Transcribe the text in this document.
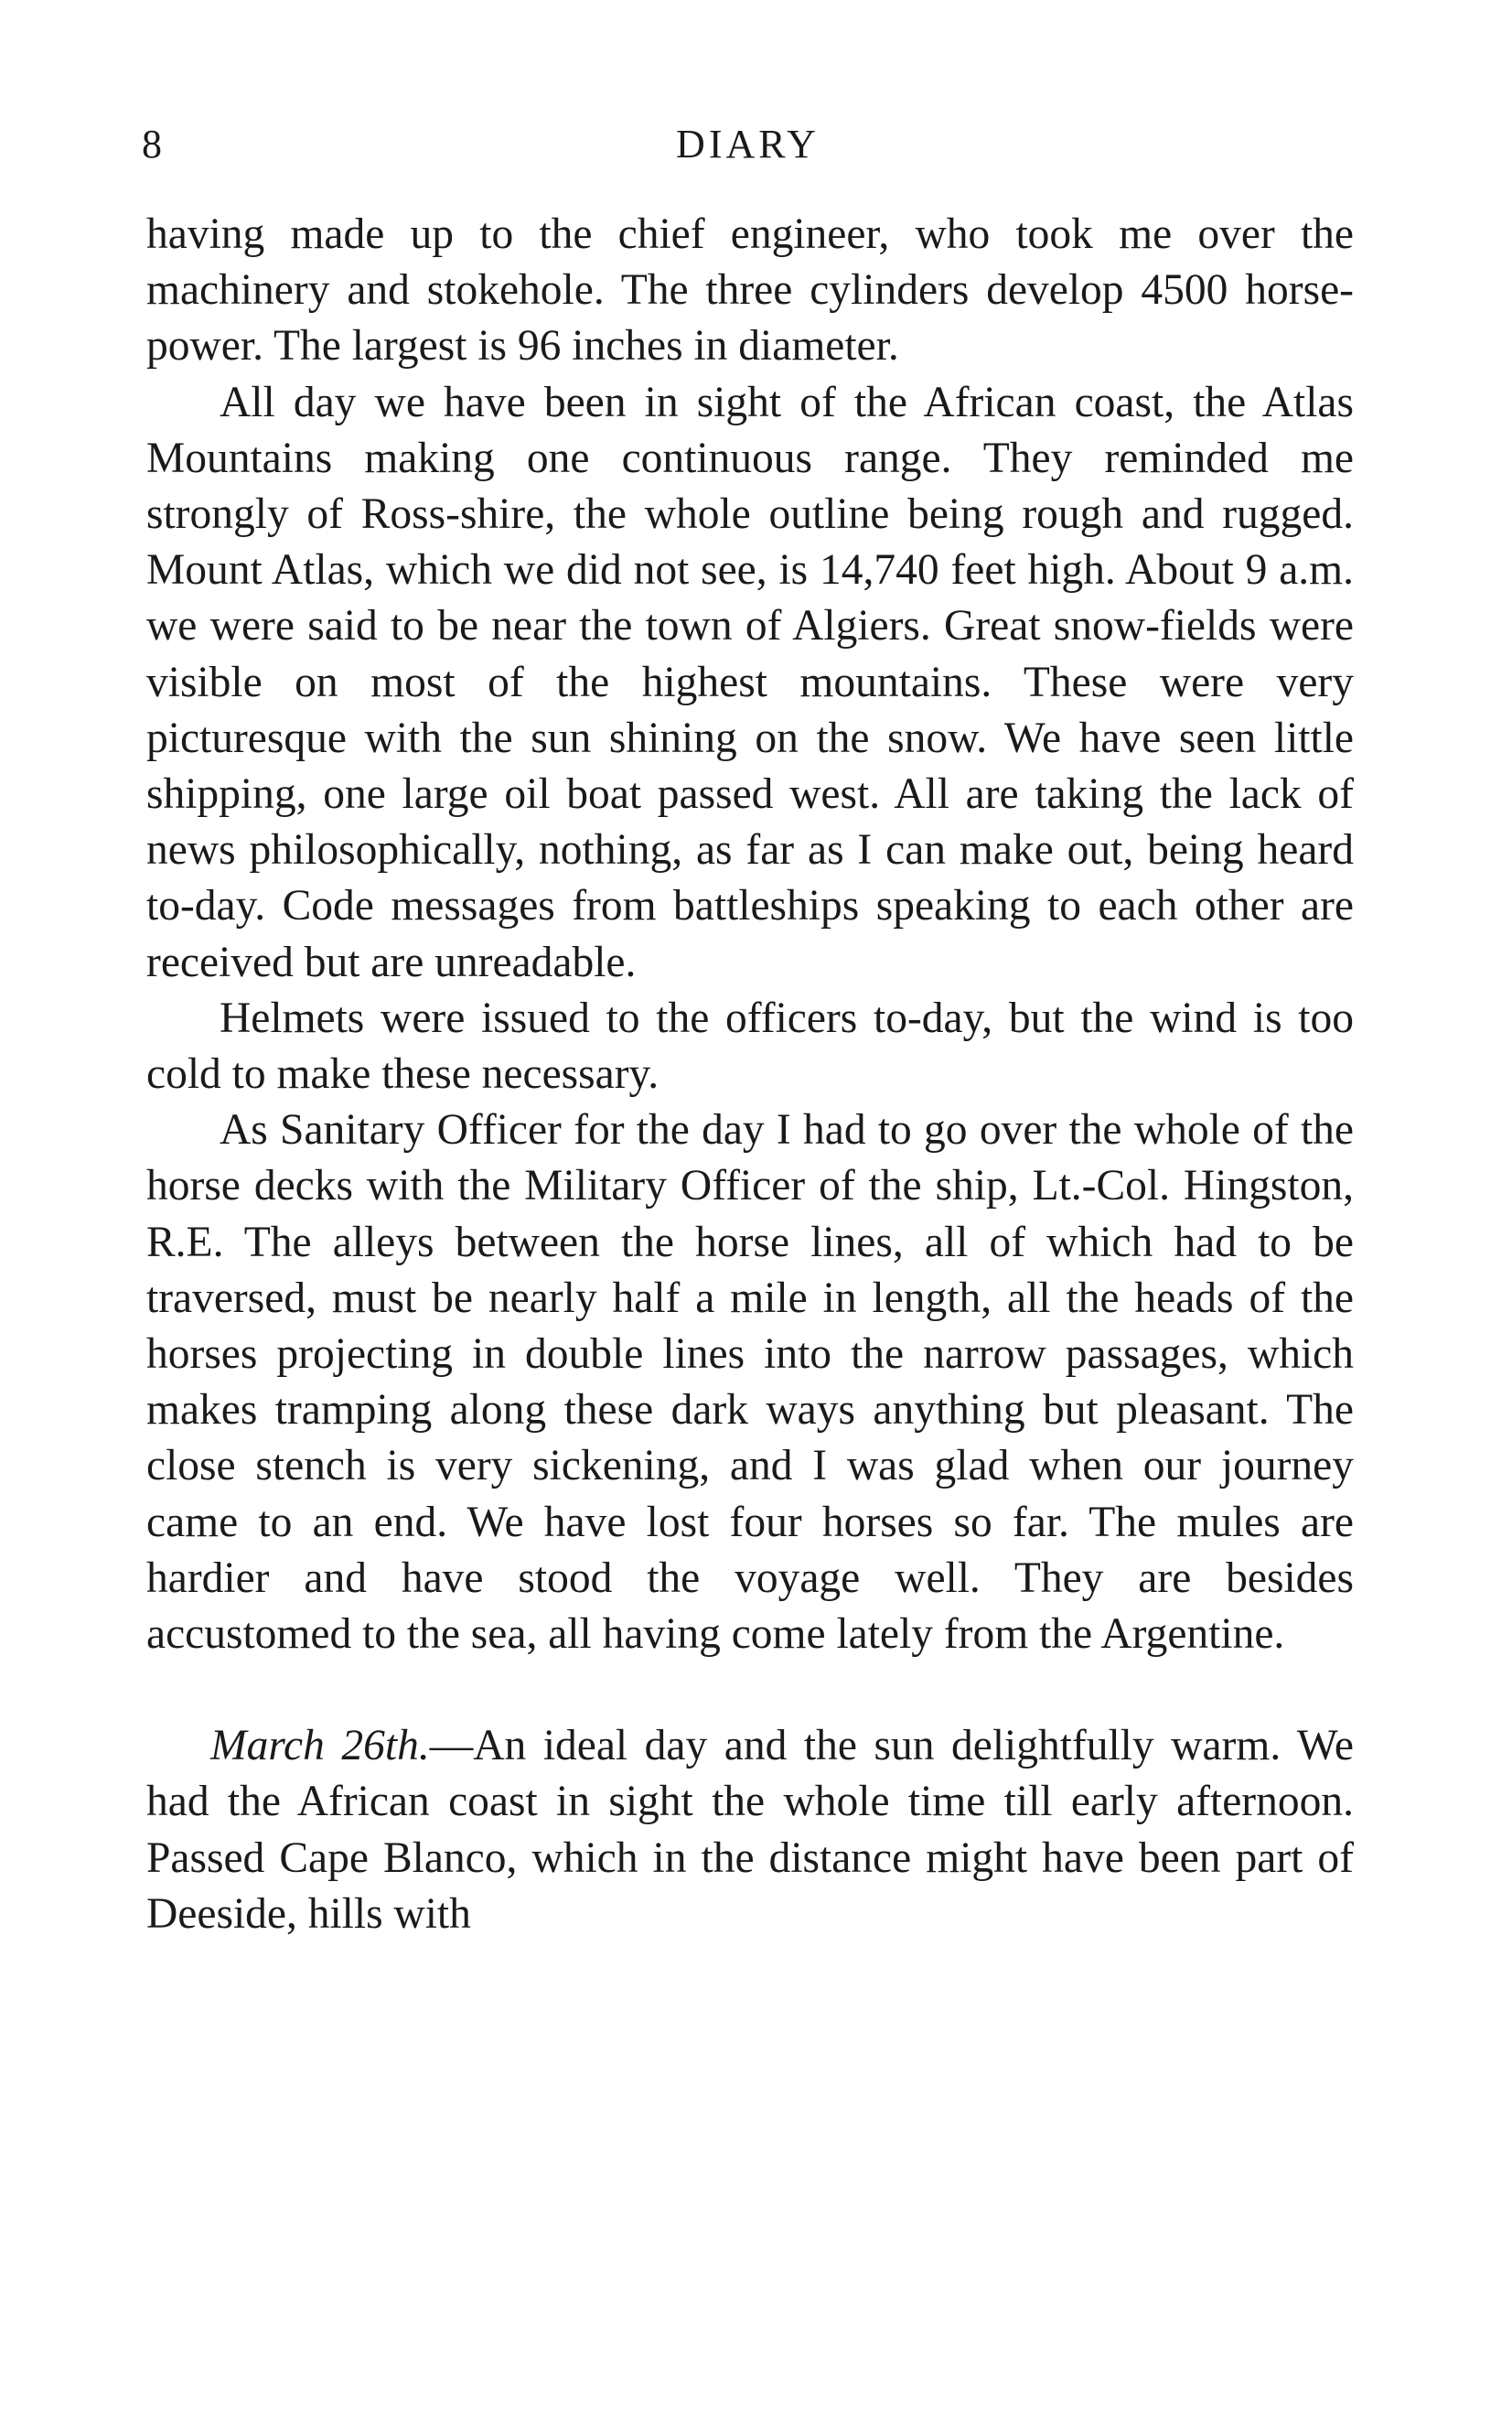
8	DIARY

having made up to the chief engineer, who took me over the machinery and stokehole. The three cylinders develop 4500 horse-power. The largest is 96 inches in diameter.

All day we have been in sight of the African coast, the Atlas Mountains making one continuous range. They reminded me strongly of Ross-shire, the whole outline being rough and rugged. Mount Atlas, which we did not see, is 14,740 feet high. About 9 a.m. we were said to be near the town of Algiers. Great snow-fields were visible on most of the highest mountains. These were very picturesque with the sun shining on the snow. We have seen little shipping, one large oil boat passed west. All are taking the lack of news philosophically, nothing, as far as I can make out, being heard to-day. Code messages from battleships speaking to each other are received but are unreadable.

Helmets were issued to the officers to-day, but the wind is too cold to make these necessary.

As Sanitary Officer for the day I had to go over the whole of the horse decks with the Military Officer of the ship, Lt.-Col. Hingston, R.E. The alleys between the horse lines, all of which had to be traversed, must be nearly half a mile in length, all the heads of the horses projecting in double lines into the narrow passages, which makes tramping along these dark ways anything but pleasant. The close stench is very sickening, and I was glad when our journey came to an end. We have lost four horses so far. The mules are hardier and have stood the voyage well. They are besides accustomed to the sea, all having come lately from the Argentine.

March 26th.—An ideal day and the sun delightfully warm. We had the African coast in sight the whole time till early afternoon. Passed Cape Blanco, which in the distance might have been part of Deeside, hills with
